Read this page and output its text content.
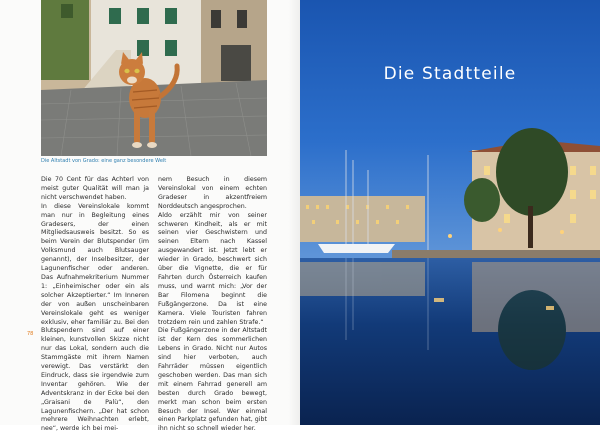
Die Altstadt von Grado: eine ganz besondere Welt

Die 70 Cent für das Achterl von meist guter Qualität will man ja nicht verschwendet haben.

In diese Vereinslokale kommt man nur in Begleitung eines Gradesers, der einen Mitgliedsausweis besitzt. So es beim Verein der Blutspender (im Volksmund auch Blutsauger genannt), der Inselbesitzer, der Lagunenfischer oder anderen. Das Aufnahmekriterium Nummer 1: „Einheimischer oder ein als solcher Akzeptierter.“ Im Inneren der von außen unscheinbaren Vereinslokale geht es weniger exklusiv, eher familiär zu. Bei den Blutspendern sind auf einer kleinen, kunstvollen Skizze nicht nur das Lokal, sondern auch die Stammgäste mit ihrem Namen verewigt. Das verstärkt den Eindruck, dass sie irgendwie zum Inventar gehören. Wie der Adventskranz in der Ecke bei den „Graisani de Palù“, den Lagunenfischern. „Der hat schon mehrere Weihnachten erlebt, nee“, werde ich bei mei-

nem Besuch in diesem Vereinslokal von einem echten Gradeser in akzentfreiem Norddeutsch angesprochen.

Aldo erzählt mir von seiner schweren Kindheit, als er mit seinen vier Geschwistern und seinen Eltern nach Kassel ausgewandert ist. Jetzt lebt er wieder in Grado, beschwert sich über die Vignette, die er für Fahrten durch Österreich kaufen muss, und warnt mich: „Vor der Bar Filomena beginnt die Fußgängerzone. Da ist eine Kamera. Viele Touristen fahren trotzdem rein und zahlen Strafe.“

Die Fußgängerzone in der Altstadt ist der Kern des sommerlichen Lebens in Grado. Nicht nur Autos sind hier verboten, auch Fahrräder müssen eigentlich geschoben werden. Das man sich mit einem Fahrrad generell am besten durch Grado bewegt, merkt man schon beim ersten Besuch der Insel. Wer einmal einen Parkplatz gefunden hat, gibt ihn nicht so schnell wieder her.

78
Die Stadtteile
